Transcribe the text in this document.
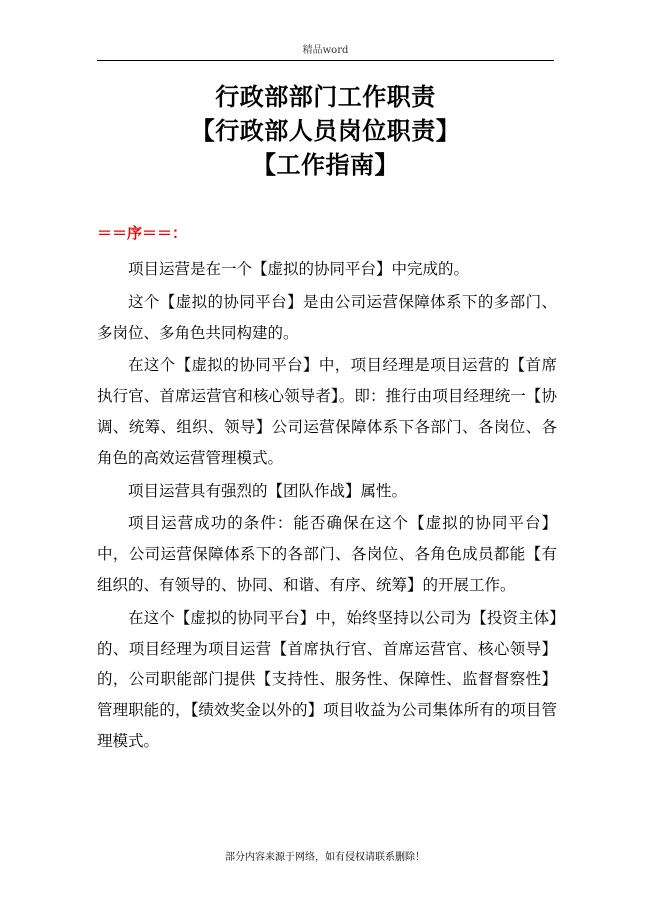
精品word
行政部部门工作职责
【行政部人员岗位职责】
【工作指南】
＝＝序＝＝：

项目运营是在一个【虚拟的协同平台】中完成的。

这个【虚拟的协同平台】是由公司运营保障体系下的多部门、多岗位、多角色共同构建的。

在这个【虚拟的协同平台】中，项目经理是项目运营的【首席执行官、首席运营官和核心领导者】。即：推行由项目经理统一【协调、统筹、组织、领导】公司运营保障体系下各部门、各岗位、各角色的高效运营管理模式。

项目运营具有强烈的【团队作战】属性。

项目运营成功的条件：能否确保在这个【虚拟的协同平台】中，公司运营保障体系下的各部门、各岗位、各角色成员都能【有组织的、有领导的、协同、和谐、有序、统筹】的开展工作。

在这个【虚拟的协同平台】中，始终坚持以公司为【投资主体】的、项目经理为项目运营【首席执行官、首席运营官、核心领导】的，公司职能部门提供【支持性、服务性、保障性、监督督察性】管理职能的，【绩效奖金以外的】项目收益为公司集体所有的项目管理模式。

部分内容来源于网络，如有侵权请联系删除！
